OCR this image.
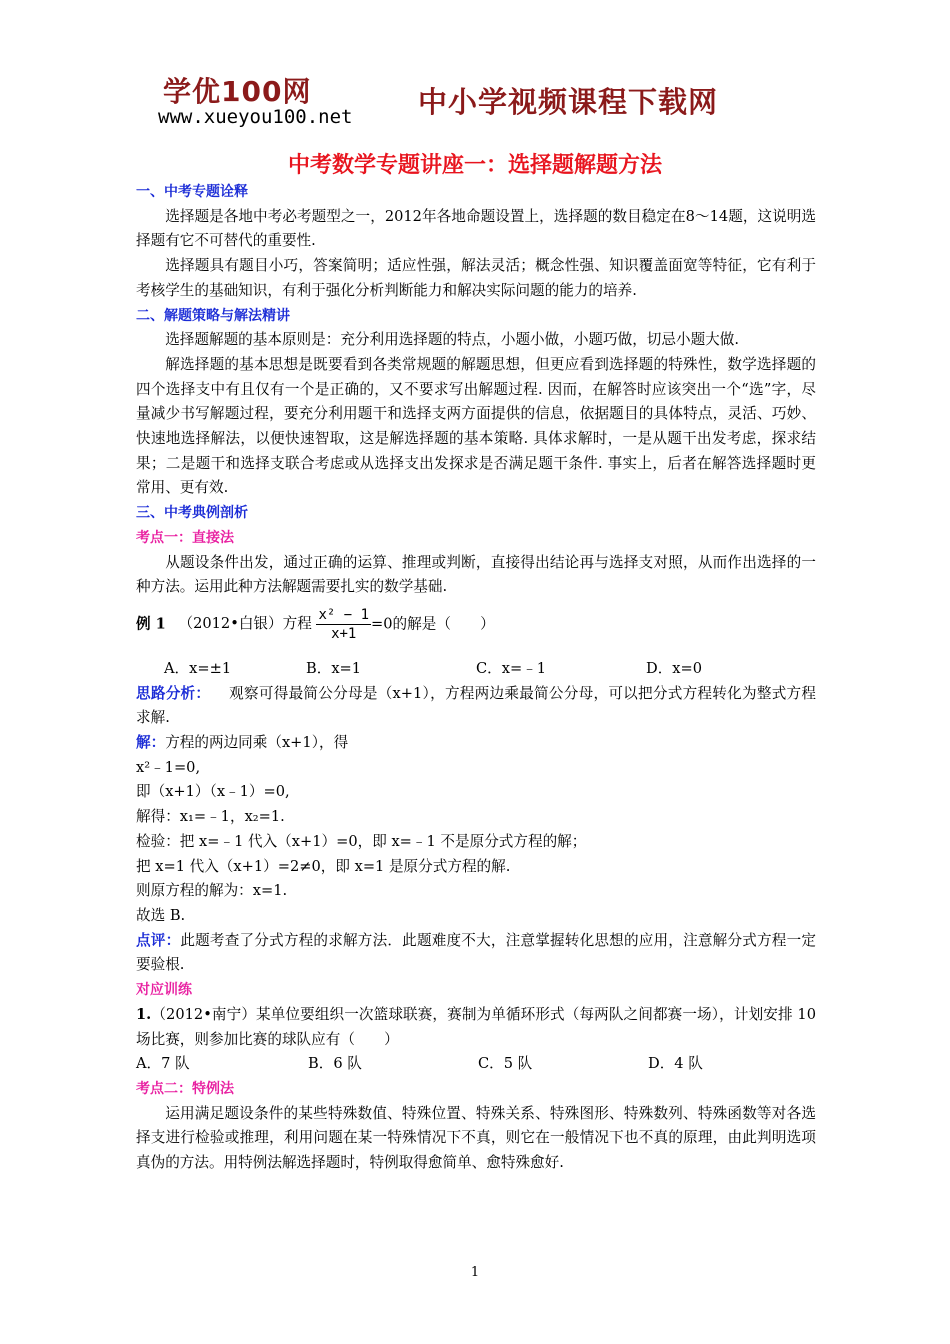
学优100网
www.xueyou100.net 中小学视频课程下载网
中考数学专题讲座一：选择题解题方法

一、中考专题诠释

选择题是各地中考必考题型之一，2012年各地命题设置上，选择题的数目稳定在8～14题，这说明选择题有它不可替代的重要性.

选择题具有题目小巧，答案简明；适应性强，解法灵活；概念性强、知识覆盖面宽等特征，它有利于考核学生的基础知识，有利于强化分析判断能力和解决实际问题的能力的培养.

二、解题策略与解法精讲

选择题解题的基本原则是：充分利用选择题的特点，小题小做，小题巧做，切忌小题大做.

解选择题的基本思想是既要看到各类常规题的解题思想，但更应看到选择题的特殊性，数学选择题的四个选择支中有且仅有一个是正确的，又不要求写出解题过程. 因而，在解答时应该突出一个“选”字，尽量减少书写解题过程，要充分利用题干和选择支两方面提供的信息，依据题目的具体特点，灵活、巧妙、快速地选择解法，以便快速智取，这是解选择题的基本策略. 具体求解时，一是从题干出发考虑，探求结果；二是题干和选择支联合考虑或从选择支出发探求是否满足题干条件. 事实上，后者在解答选择题时更常用、更有效.

三、中考典例剖析

考点一：直接法

从题设条件出发，通过正确的运算、推理或判断，直接得出结论再与选择支对照，从而作出选择的一种方法。运用此种方法解题需要扎实的数学基础.

例 1 （2012•白银）方程 $\frac{\text{x² − 1}}{x+1} =0$的解是（　　）

A．x=±1	B．x=1	C．x=﹣1	D．x=0

思路分析： 观察可得最简公分母是（x+1），方程两边乘最简公分母，可以把分式方程转化为整式方程求解.

解：方程的两边同乘（x+1），得

x²﹣1=0,

即（x+1）（x﹣1）=0,

解得：x₁=﹣1，x₂=1.

检验：把 x=﹣1 代入（x+1）=0，即 x=﹣1 不是原分式方程的解；

把 x=1 代入（x+1）=2≠0，即 x=1 是原分式方程的解.

则原方程的解为：x=1.

故选 B.

点评：此题考查了分式方程的求解方法．此题难度不大，注意掌握转化思想的应用，注意解分式方程一定要验根.

对应训练

1.（2012•南宁）某单位要组织一次篮球联赛，赛制为单循环形式（每两队之间都赛一场），计划安排 10 场比赛，则参加比赛的球队应有（　　）

A．7 队	B．6 队	C．5 队	D．4 队

考点二：特例法

运用满足题设条件的某些特殊数值、特殊位置、特殊关系、特殊图形、特殊数列、特殊函数等对各选择支进行检验或推理，利用问题在某一特殊情况下不真，则它在一般情况下也不真的原理，由此判明选项真伪的方法。用特例法解选择题时，特例取得愈简单、愈特殊愈好.

1
